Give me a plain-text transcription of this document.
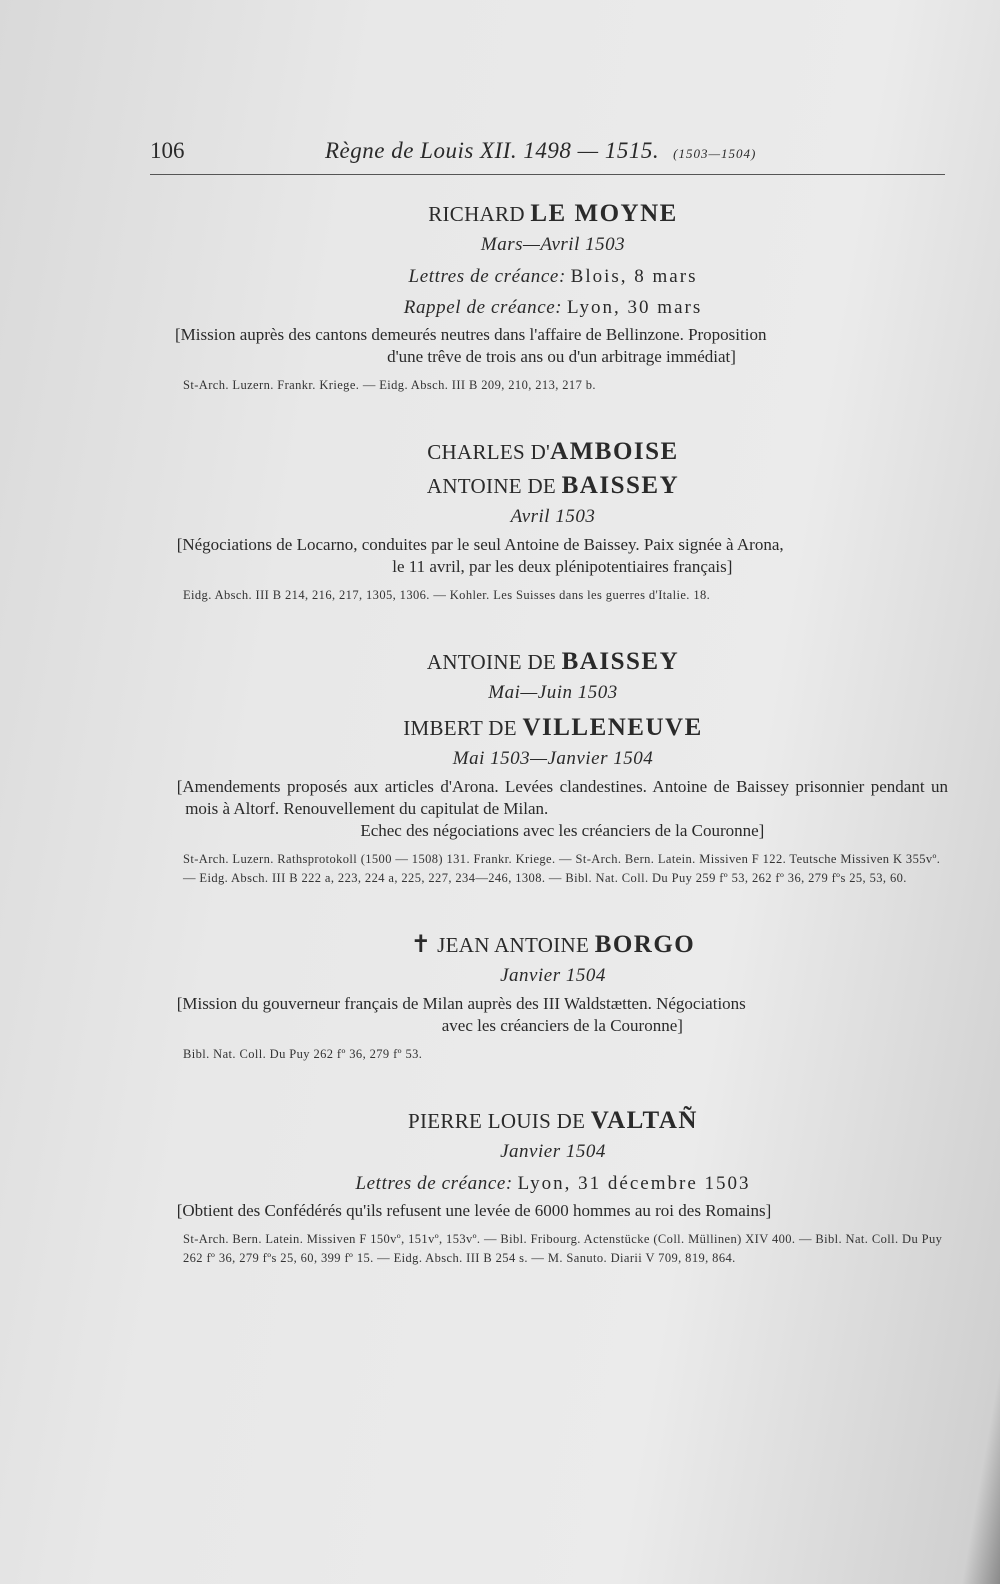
106	Règne de Louis XII. 1498 — 1515. (1503—1504)
RICHARD LE MOYNE
Mars—Avril 1503
Lettres de créance: Blois, 8 mars
Rappel de créance: Lyon, 30 mars
[Mission auprès des cantons demeurés neutres dans l'affaire de Bellinzone. Proposition
d'une trêve de trois ans ou d'un arbitrage immédiat]
St-Arch. Luzern. Frankr. Kriege. — Eidg. Absch. III B 209, 210, 213, 217 b.
CHARLES D'AMBOISE
ANTOINE DE BAISSEY
Avril 1503
[Négociations de Locarno, conduites par le seul Antoine de Baissey. Paix signée à Arona,
le 11 avril, par les deux plénipotentiaires français]
Eidg. Absch. III B 214, 216, 217, 1305, 1306. — Kohler. Les Suisses dans les guerres d'Italie. 18.
ANTOINE DE BAISSEY
Mai—Juin 1503
IMBERT DE VILLENEUVE
Mai 1503—Janvier 1504
[Amendements proposés aux articles d'Arona. Levées clandestines. Antoine de Baissey prisonnier pendant un mois à Altorf. Renouvellement du capitulat de Milan.
Echec des négociations avec les créanciers de la Couronne]
St-Arch. Luzern. Rathsprotokoll (1500 — 1508) 131. Frankr. Kriege. — St-Arch. Bern. Latein. Missiven F 122. Teutsche Missiven K 355vº. — Eidg. Absch. III B 222 a, 223, 224 a, 225, 227, 234—246, 1308. — Bibl. Nat. Coll. Du Puy 259 fº 53, 262 fº 36, 279 fºs 25, 53, 60.
✝ JEAN ANTOINE BORGO
Janvier 1504
[Mission du gouverneur français de Milan auprès des III Waldstætten. Négociations
avec les créanciers de la Couronne]
Bibl. Nat. Coll. Du Puy 262 fº 36, 279 fº 53.
PIERRE LOUIS DE VALTAÑ
Janvier 1504
Lettres de créance: Lyon, 31 décembre 1503
[Obtient des Confédérés qu'ils refusent une levée de 6000 hommes au roi des Romains]
St-Arch. Bern. Latein. Missiven F 150vº, 151vº, 153vº. — Bibl. Fribourg. Actenstücke (Coll. Müllinen) XIV 400. — Bibl. Nat. Coll. Du Puy 262 fº 36, 279 fºs 25, 60, 399 fº 15. — Eidg. Absch. III B 254 s. — M. Sanuto. Diarii V 709, 819, 864.
